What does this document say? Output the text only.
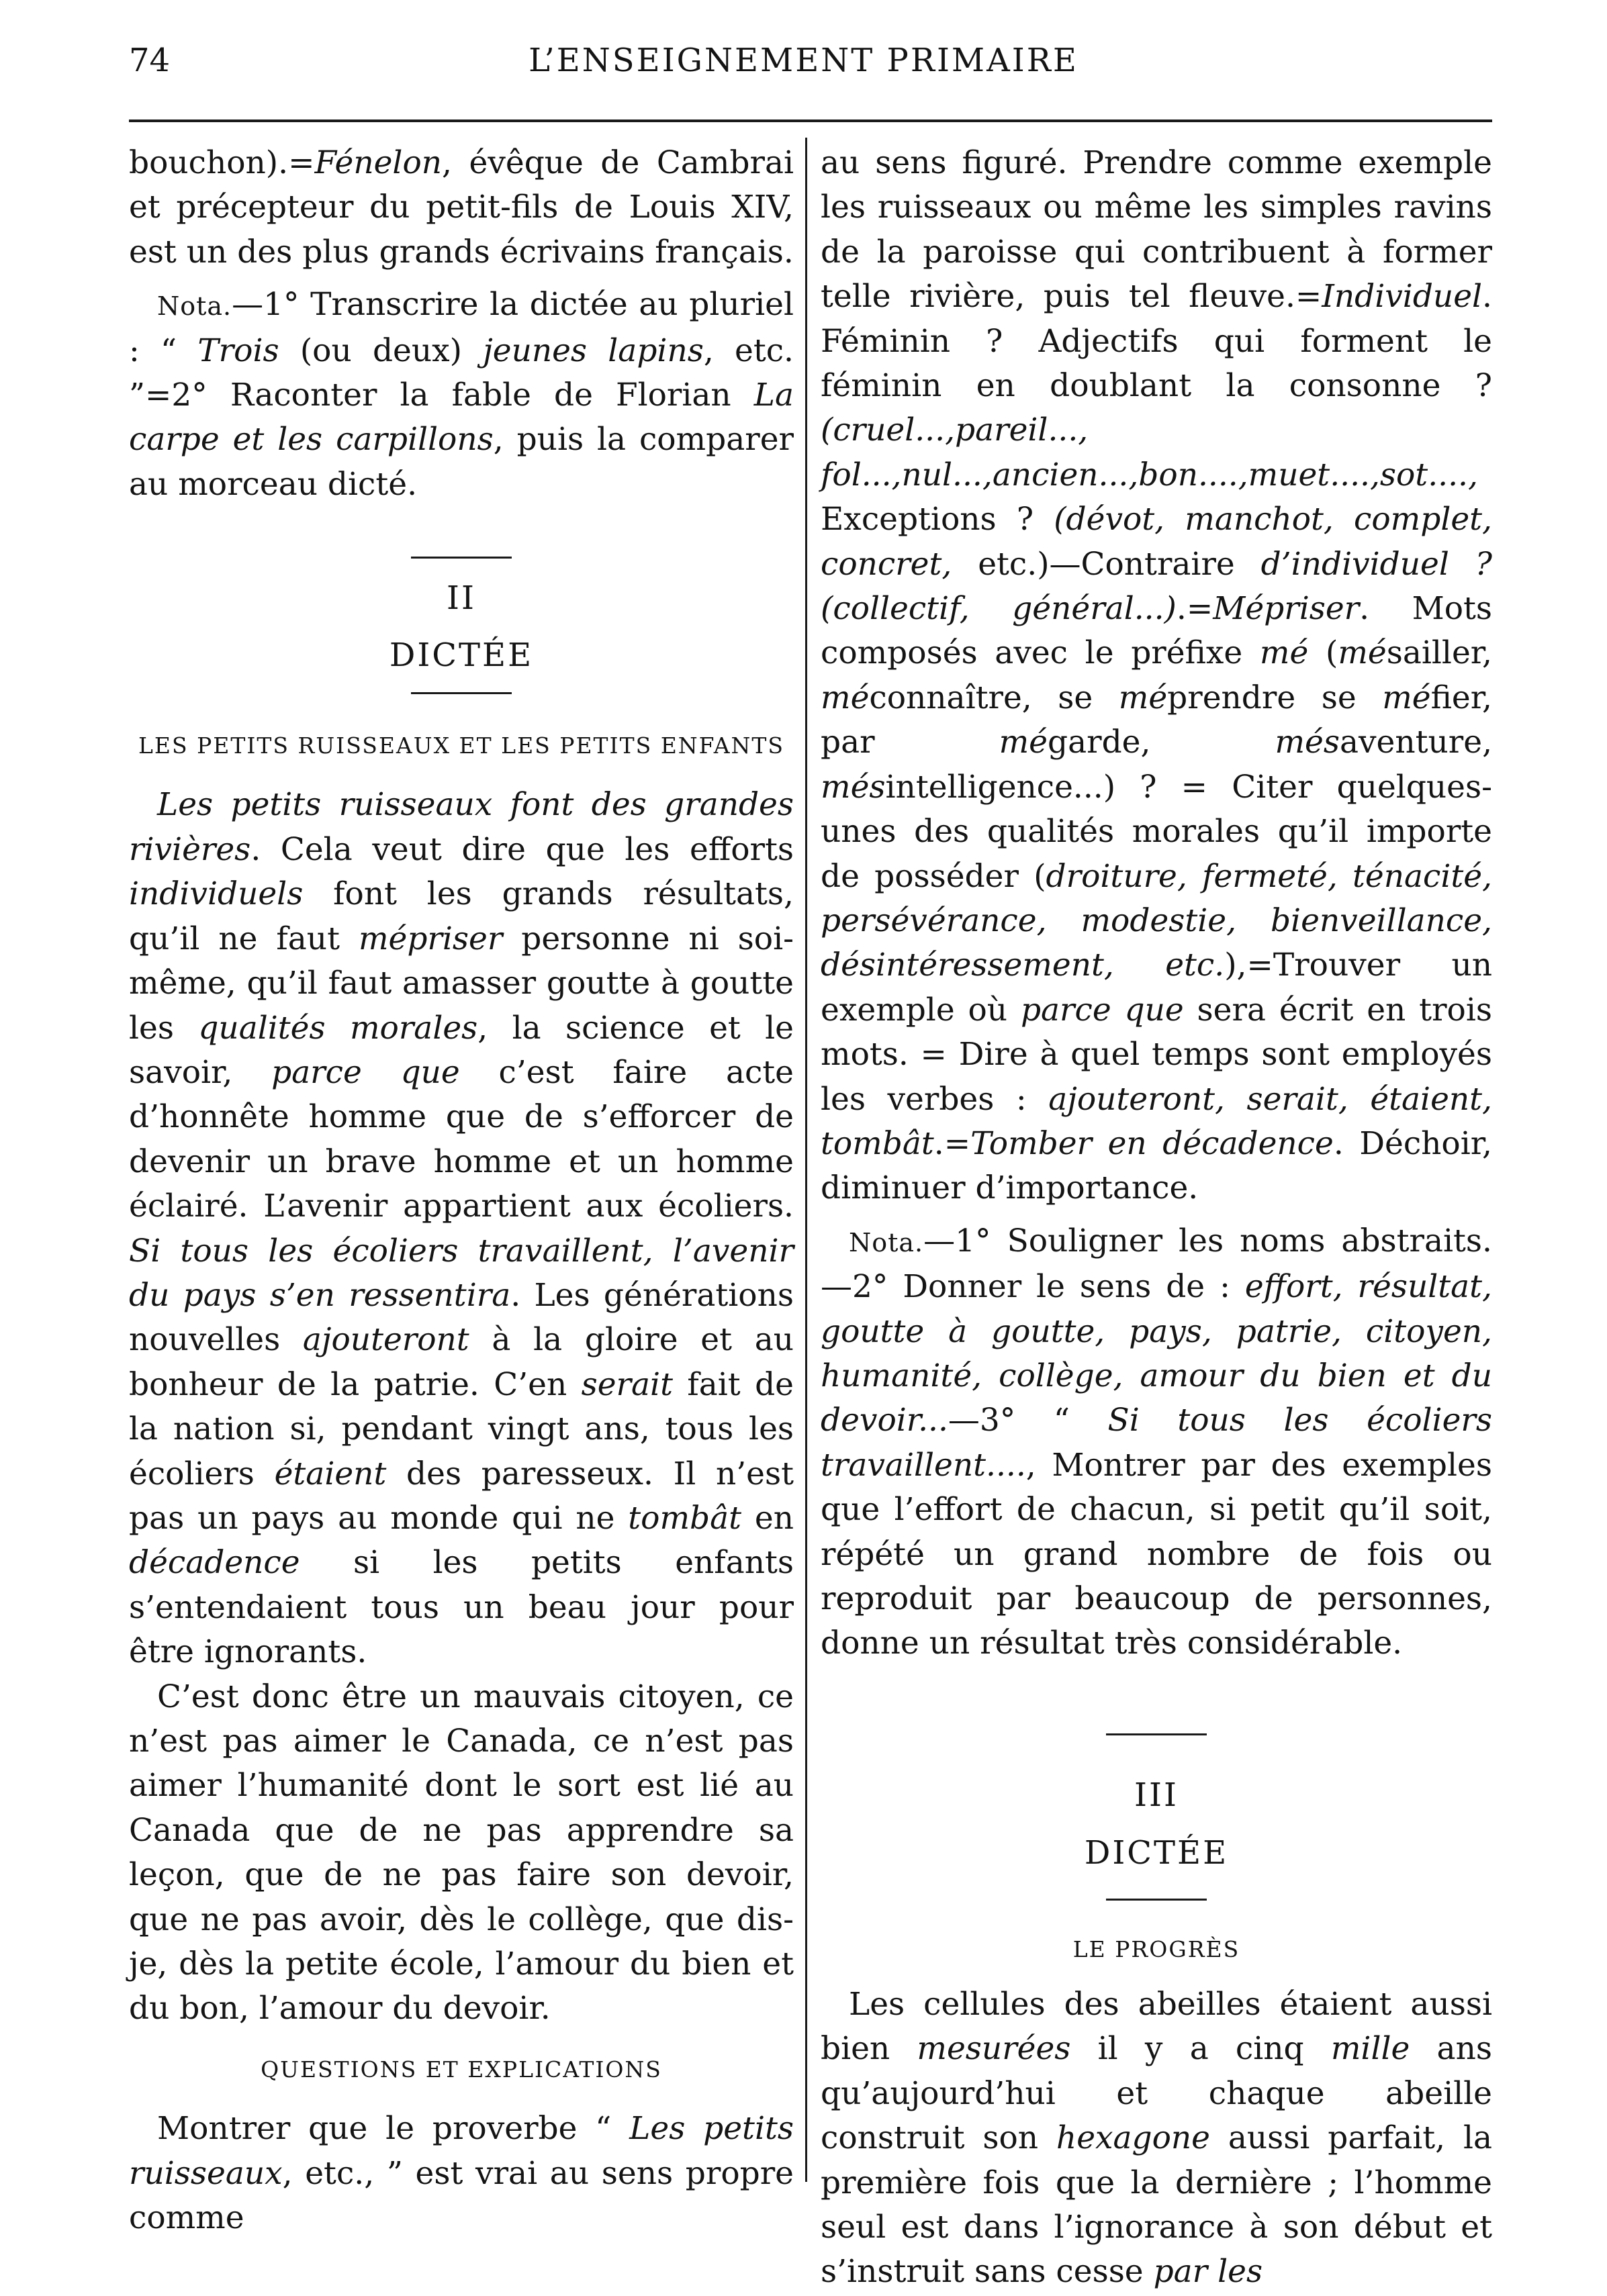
74	L’ENSEIGNEMENT PRIMAIRE

bouchon).=Fénelon, évêque de Cambrai et précepteur du petit-fils de Louis XIV, est un des plus grands écrivains français.

Nota.—1° Transcrire la dictée au pluriel : “ Trois (ou deux) jeunes lapins, etc. ”=2° Raconter la fable de Florian La carpe et les carpillons, puis la comparer au morceau dicté.

II

DICTÉE

LES PETITS RUISSEAUX ET LES PETITS ENFANTS

Les petits ruisseaux font des grandes rivières. Cela veut dire que les efforts individuels font les grands résultats, qu’il ne faut mépriser personne ni soi-même, qu’il faut amasser goutte à goutte les qualités morales, la science et le savoir, parce que c’est faire acte d’honnête homme que de s’efforcer de devenir un brave homme et un homme éclairé. L’avenir appartient aux écoliers. Si tous les écoliers travaillent, l’avenir du pays s’en ressentira. Les générations nouvelles ajouteront à la gloire et au bonheur de la patrie. C’en serait fait de la nation si, pendant vingt ans, tous les écoliers étaient des paresseux. Il n’est pas un pays au monde qui ne tombât en décadence si les petits enfants s’entendaient tous un beau jour pour être ignorants.

C’est donc être un mauvais citoyen, ce n’est pas aimer le Canada, ce n’est pas aimer l’humanité dont le sort est lié au Canada que de ne pas apprendre sa leçon, que de ne pas faire son devoir, que ne pas avoir, dès le collège, que dis-je, dès la petite école, l’amour du bien et du bon, l’amour du devoir.

QUESTIONS ET EXPLICATIONS

Montrer que le proverbe “ Les petits ruisseaux, etc., ” est vrai au sens propre comme

au sens figuré. Prendre comme exemple les ruisseaux ou même les simples ravins de la paroisse qui contribuent à former telle rivière, puis tel fleuve.=Individuel. Féminin ? Adjectifs qui forment le féminin en doublant la consonne ? (cruel...,pareil..., fol...,nul...,ancien...,bon....,muet....,sot...., Exceptions ? (dévot, manchot, complet, concret, etc.)—Contraire d’individuel ? (collectif, général...).=Mépriser. Mots composés avec le préfixe mé (mésailler, méconnaître, se méprendre se méfier, par mégarde, mésaventure, mésintelligence...) ? = Citer quelques-unes des qualités morales qu’il importe de posséder (droiture, fermeté, ténacité, persévérance, modestie, bienveillance, désintéressement, etc.),=Trouver un exemple où parce que sera écrit en trois mots. = Dire à quel temps sont employés les verbes : ajouteront, serait, étaient, tombât.=Tomber en décadence. Déchoir, diminuer d’importance.

Nota.—1° Souligner les noms abstraits.—2° Donner le sens de : effort, résultat, goutte à goutte, pays, patrie, citoyen, humanité, collège, amour du bien et du devoir...—3° “ Si tous les écoliers travaillent...., Montrer par des exemples que l’effort de chacun, si petit qu’il soit, répété un grand nombre de fois ou reproduit par beaucoup de personnes, donne un résultat très considérable.

III

DICTÉE

LE PROGRÈS

Les cellules des abeilles étaient aussi bien mesurées il y a cinq mille ans qu’aujourd’hui et chaque abeille construit son hexagone aussi parfait, la première fois que la dernière ; l’homme seul est dans l’ignorance à son début et s’instruit sans cesse par les
